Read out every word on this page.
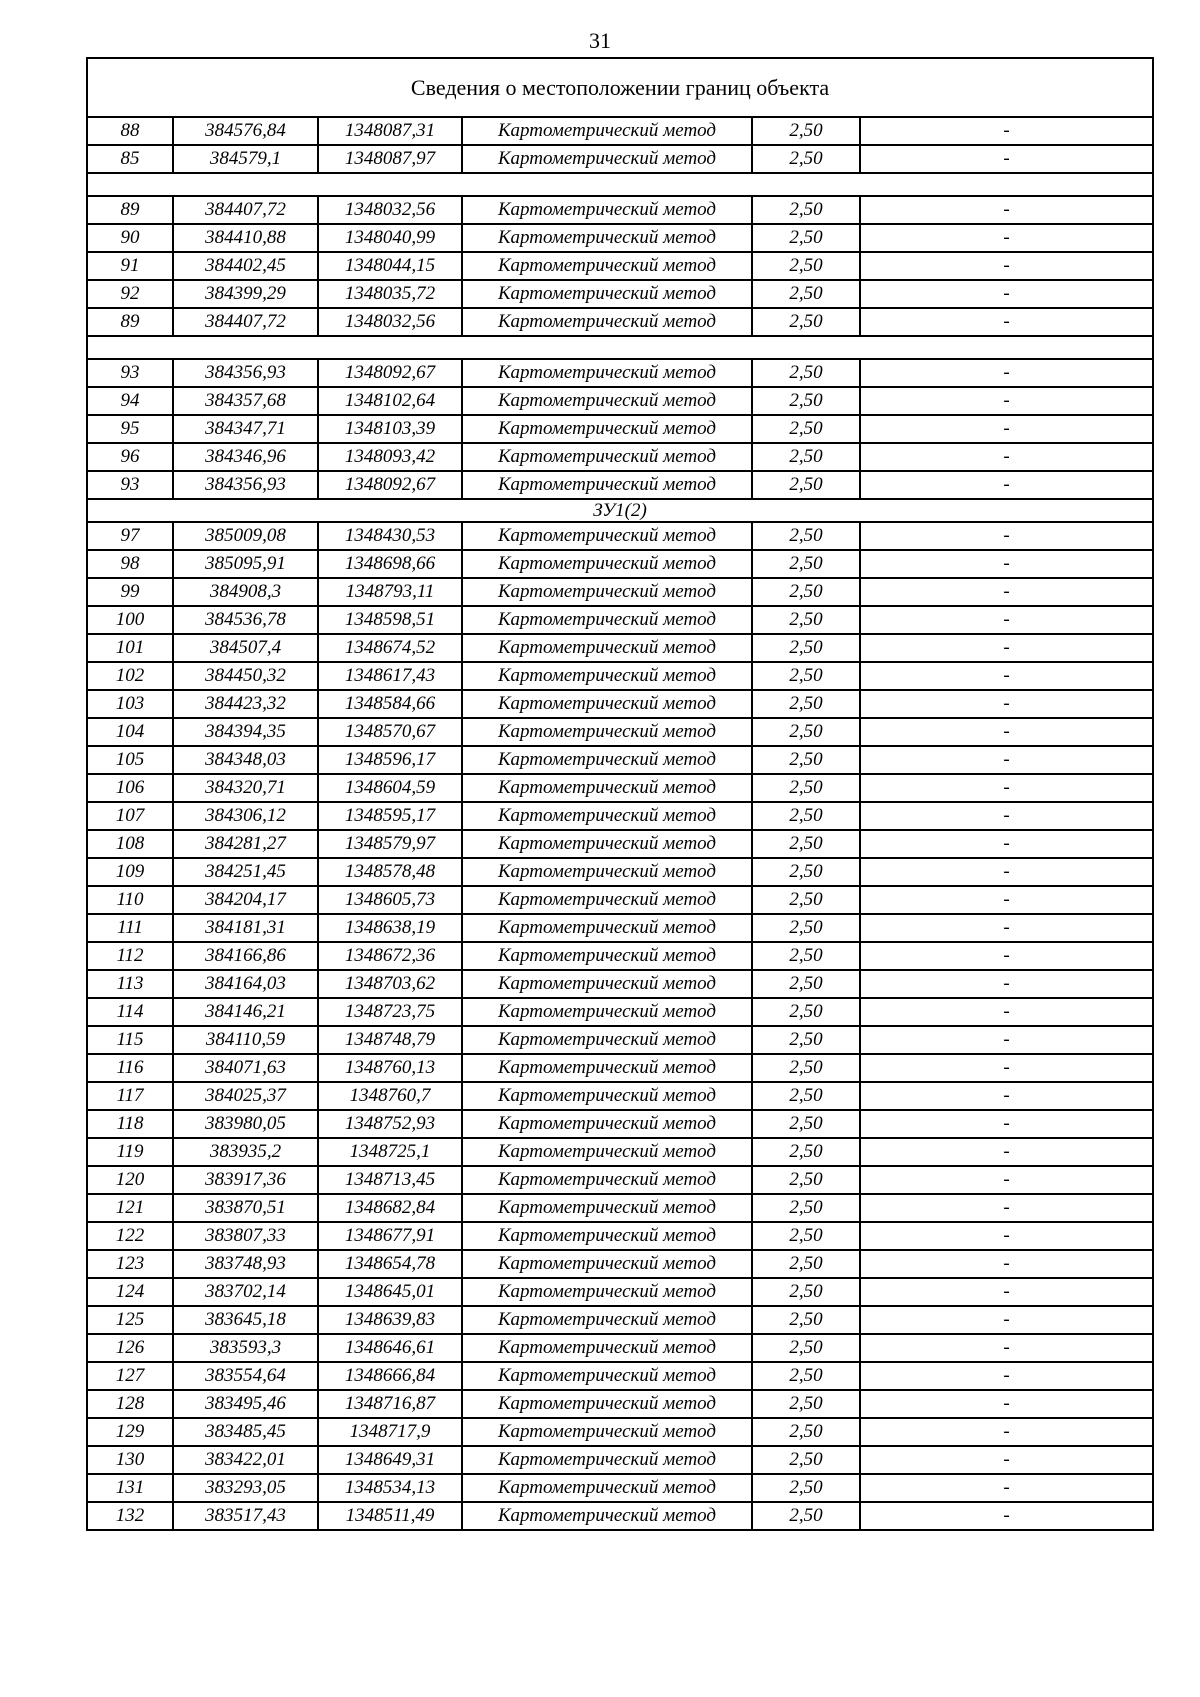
31
Сведения о местоположении границ объекта					
88	384576,84	1348087,31	Картометрический метод	2,50	-
85	384579,1	1348087,97	Картометрический метод	2,50	-

89	384407,72	1348032,56	Картометрический метод	2,50	-
90	384410,88	1348040,99	Картометрический метод	2,50	-
91	384402,45	1348044,15	Картометрический метод	2,50	-
92	384399,29	1348035,72	Картометрический метод	2,50	-
89	384407,72	1348032,56	Картометрический метод	2,50	-

93	384356,93	1348092,67	Картометрический метод	2,50	-
94	384357,68	1348102,64	Картометрический метод	2,50	-
95	384347,71	1348103,39	Картометрический метод	2,50	-
96	384346,96	1348093,42	Картометрический метод	2,50	-
93	384356,93	1348092,67	Картометрический метод	2,50	-
ЗУ1(2)					
97	385009,08	1348430,53	Картометрический метод	2,50	-
98	385095,91	1348698,66	Картометрический метод	2,50	-
99	384908,3	1348793,11	Картометрический метод	2,50	-
100	384536,78	1348598,51	Картометрический метод	2,50	-
101	384507,4	1348674,52	Картометрический метод	2,50	-
102	384450,32	1348617,43	Картометрический метод	2,50	-
103	384423,32	1348584,66	Картометрический метод	2,50	-
104	384394,35	1348570,67	Картометрический метод	2,50	-
105	384348,03	1348596,17	Картометрический метод	2,50	-
106	384320,71	1348604,59	Картометрический метод	2,50	-
107	384306,12	1348595,17	Картометрический метод	2,50	-
108	384281,27	1348579,97	Картометрический метод	2,50	-
109	384251,45	1348578,48	Картометрический метод	2,50	-
110	384204,17	1348605,73	Картометрический метод	2,50	-
111	384181,31	1348638,19	Картометрический метод	2,50	-
112	384166,86	1348672,36	Картометрический метод	2,50	-
113	384164,03	1348703,62	Картометрический метод	2,50	-
114	384146,21	1348723,75	Картометрический метод	2,50	-
115	384110,59	1348748,79	Картометрический метод	2,50	-
116	384071,63	1348760,13	Картометрический метод	2,50	-
117	384025,37	1348760,7	Картометрический метод	2,50	-
118	383980,05	1348752,93	Картометрический метод	2,50	-
119	383935,2	1348725,1	Картометрический метод	2,50	-
120	383917,36	1348713,45	Картометрический метод	2,50	-
121	383870,51	1348682,84	Картометрический метод	2,50	-
122	383807,33	1348677,91	Картометрический метод	2,50	-
123	383748,93	1348654,78	Картометрический метод	2,50	-
124	383702,14	1348645,01	Картометрический метод	2,50	-
125	383645,18	1348639,83	Картометрический метод	2,50	-
126	383593,3	1348646,61	Картометрический метод	2,50	-
127	383554,64	1348666,84	Картометрический метод	2,50	-
128	383495,46	1348716,87	Картометрический метод	2,50	-
129	383485,45	1348717,9	Картометрический метод	2,50	-
130	383422,01	1348649,31	Картометрический метод	2,50	-
131	383293,05	1348534,13	Картометрический метод	2,50	-
132	383517,43	1348511,49	Картометрический метод	2,50	-
